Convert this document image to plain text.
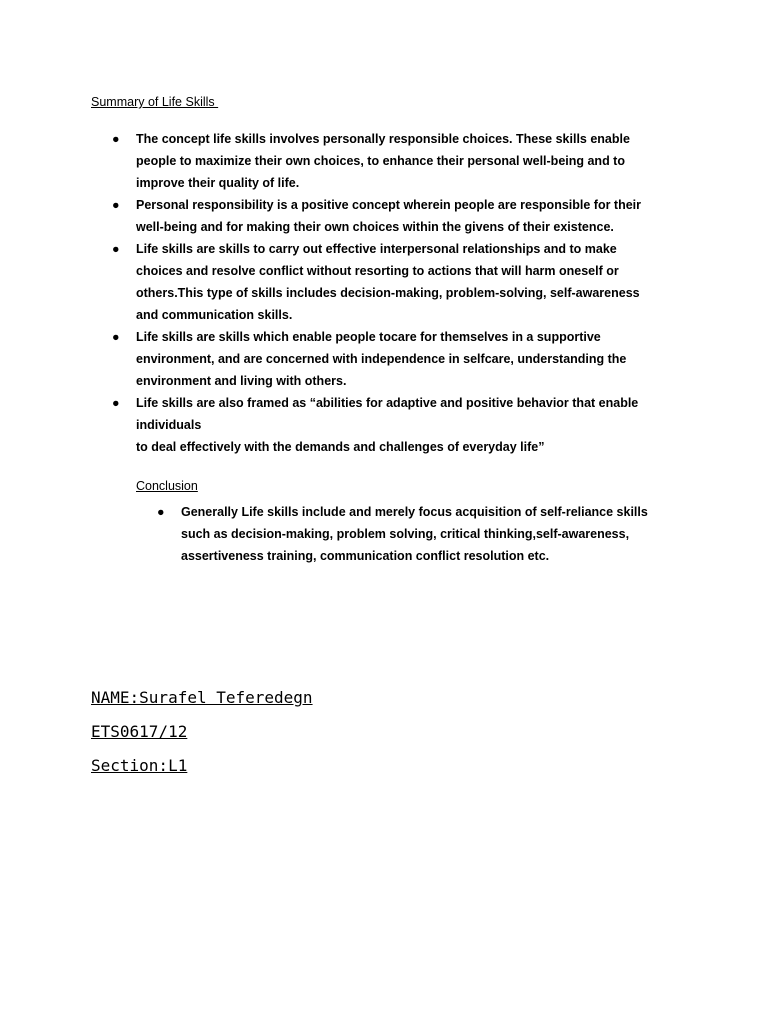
Summary of Life Skills
● The concept life skills involves personally responsible choices. These skills enable
people to maximize their own choices, to enhance their personal well-being and to
improve their quality of life.
● Personal responsibility is a positive concept wherein people are responsible for their
well-being and for making their own choices within the givens of their existence.
● Life skills are skills to carry out effective interpersonal relationships and to make
choices and resolve conflict without resorting to actions that will harm oneself or
others.This type of skills includes decision-making, problem-solving, self-awareness
and communication skills.
● Life skills are skills which enable people tocare for themselves in a supportive
environment, and are concerned with independence in selfcare, understanding the
environment and living with others.
● Life skills are also framed as “abilities for adaptive and positive behavior that enable
individuals
to deal effectively with the demands and challenges of everyday life”
Conclusion
● Generally Life skills include and merely focus acquisition of self-reliance skills
such as decision-making, problem solving, critical thinking,self-awareness,
assertiveness training, communication conflict resolution etc.
NAME:Surafel Teferedegn
ETS0617/12
Section:L1
